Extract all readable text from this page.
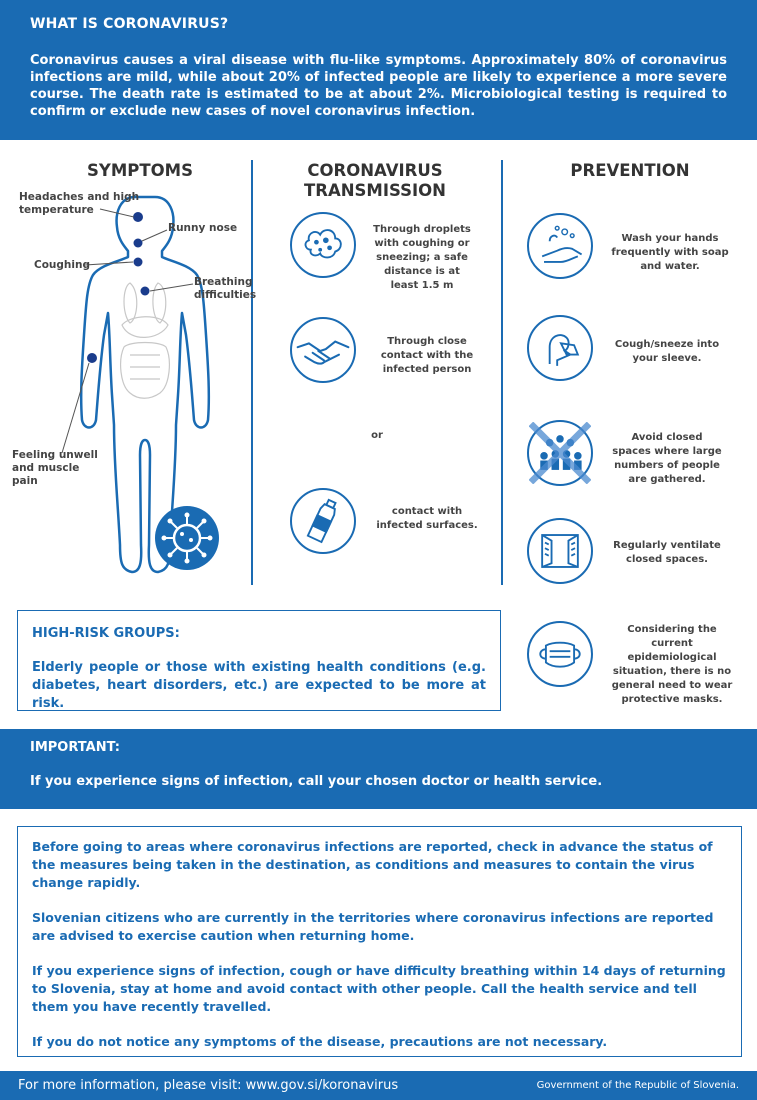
WHAT IS CORONAVIRUS?

Coronavirus causes a viral disease with flu-like symptoms. Approximately 80% of coronavirus infections are mild, while about 20% of infected people are likely to experience a more severe course. The death rate is estimated to be at about 2%. Microbiological testing is required to confirm or exclude new cases of novel coronavirus infection.

SYMPTOMS	CORONAVIRUS TRANSMISSION
PREVENTION
Headaches and high temperature
Runny nose
Coughing
Breathing difficulties
Feeling unwell and muscle pain
Through droplets with coughing or sneezing; a safe distance is at least 1.5 m
Through close contact with the infected person
or
contact with infected surfaces.
Wash your hands frequently with soap and water.
Cough/sneeze into your sleeve.
Avoid closed spaces where large numbers of people are gathered.
Regularly ventilate closed spaces.
Considering the current epidemiological situation, there is no general need to wear protective masks.
HIGH-RISK GROUPS:

Elderly people or those with existing health conditions (e.g. diabetes, heart disorders, etc.) are expected to be more at risk.

IMPORTANT:

If you experience signs of infection, call your chosen doctor or health service.

Before going to areas where coronavirus infections are reported, check in advance the status of the measures being taken in the destination, as conditions and measures to contain the virus change rapidly.

Slovenian citizens who are currently in the territories where coronavirus infections are reported are advised to exercise caution when returning home.

If you experience signs of infection, cough or have difficulty breathing within 14 days of returning to Slovenia, stay at home and avoid contact with other people. Call the health service and tell them you have recently travelled.

If you do not notice any symptoms of the disease, precautions are not necessary.

For more information, please visit: www.gov.si/koronavirus	Government of the Republic of Slovenia.
